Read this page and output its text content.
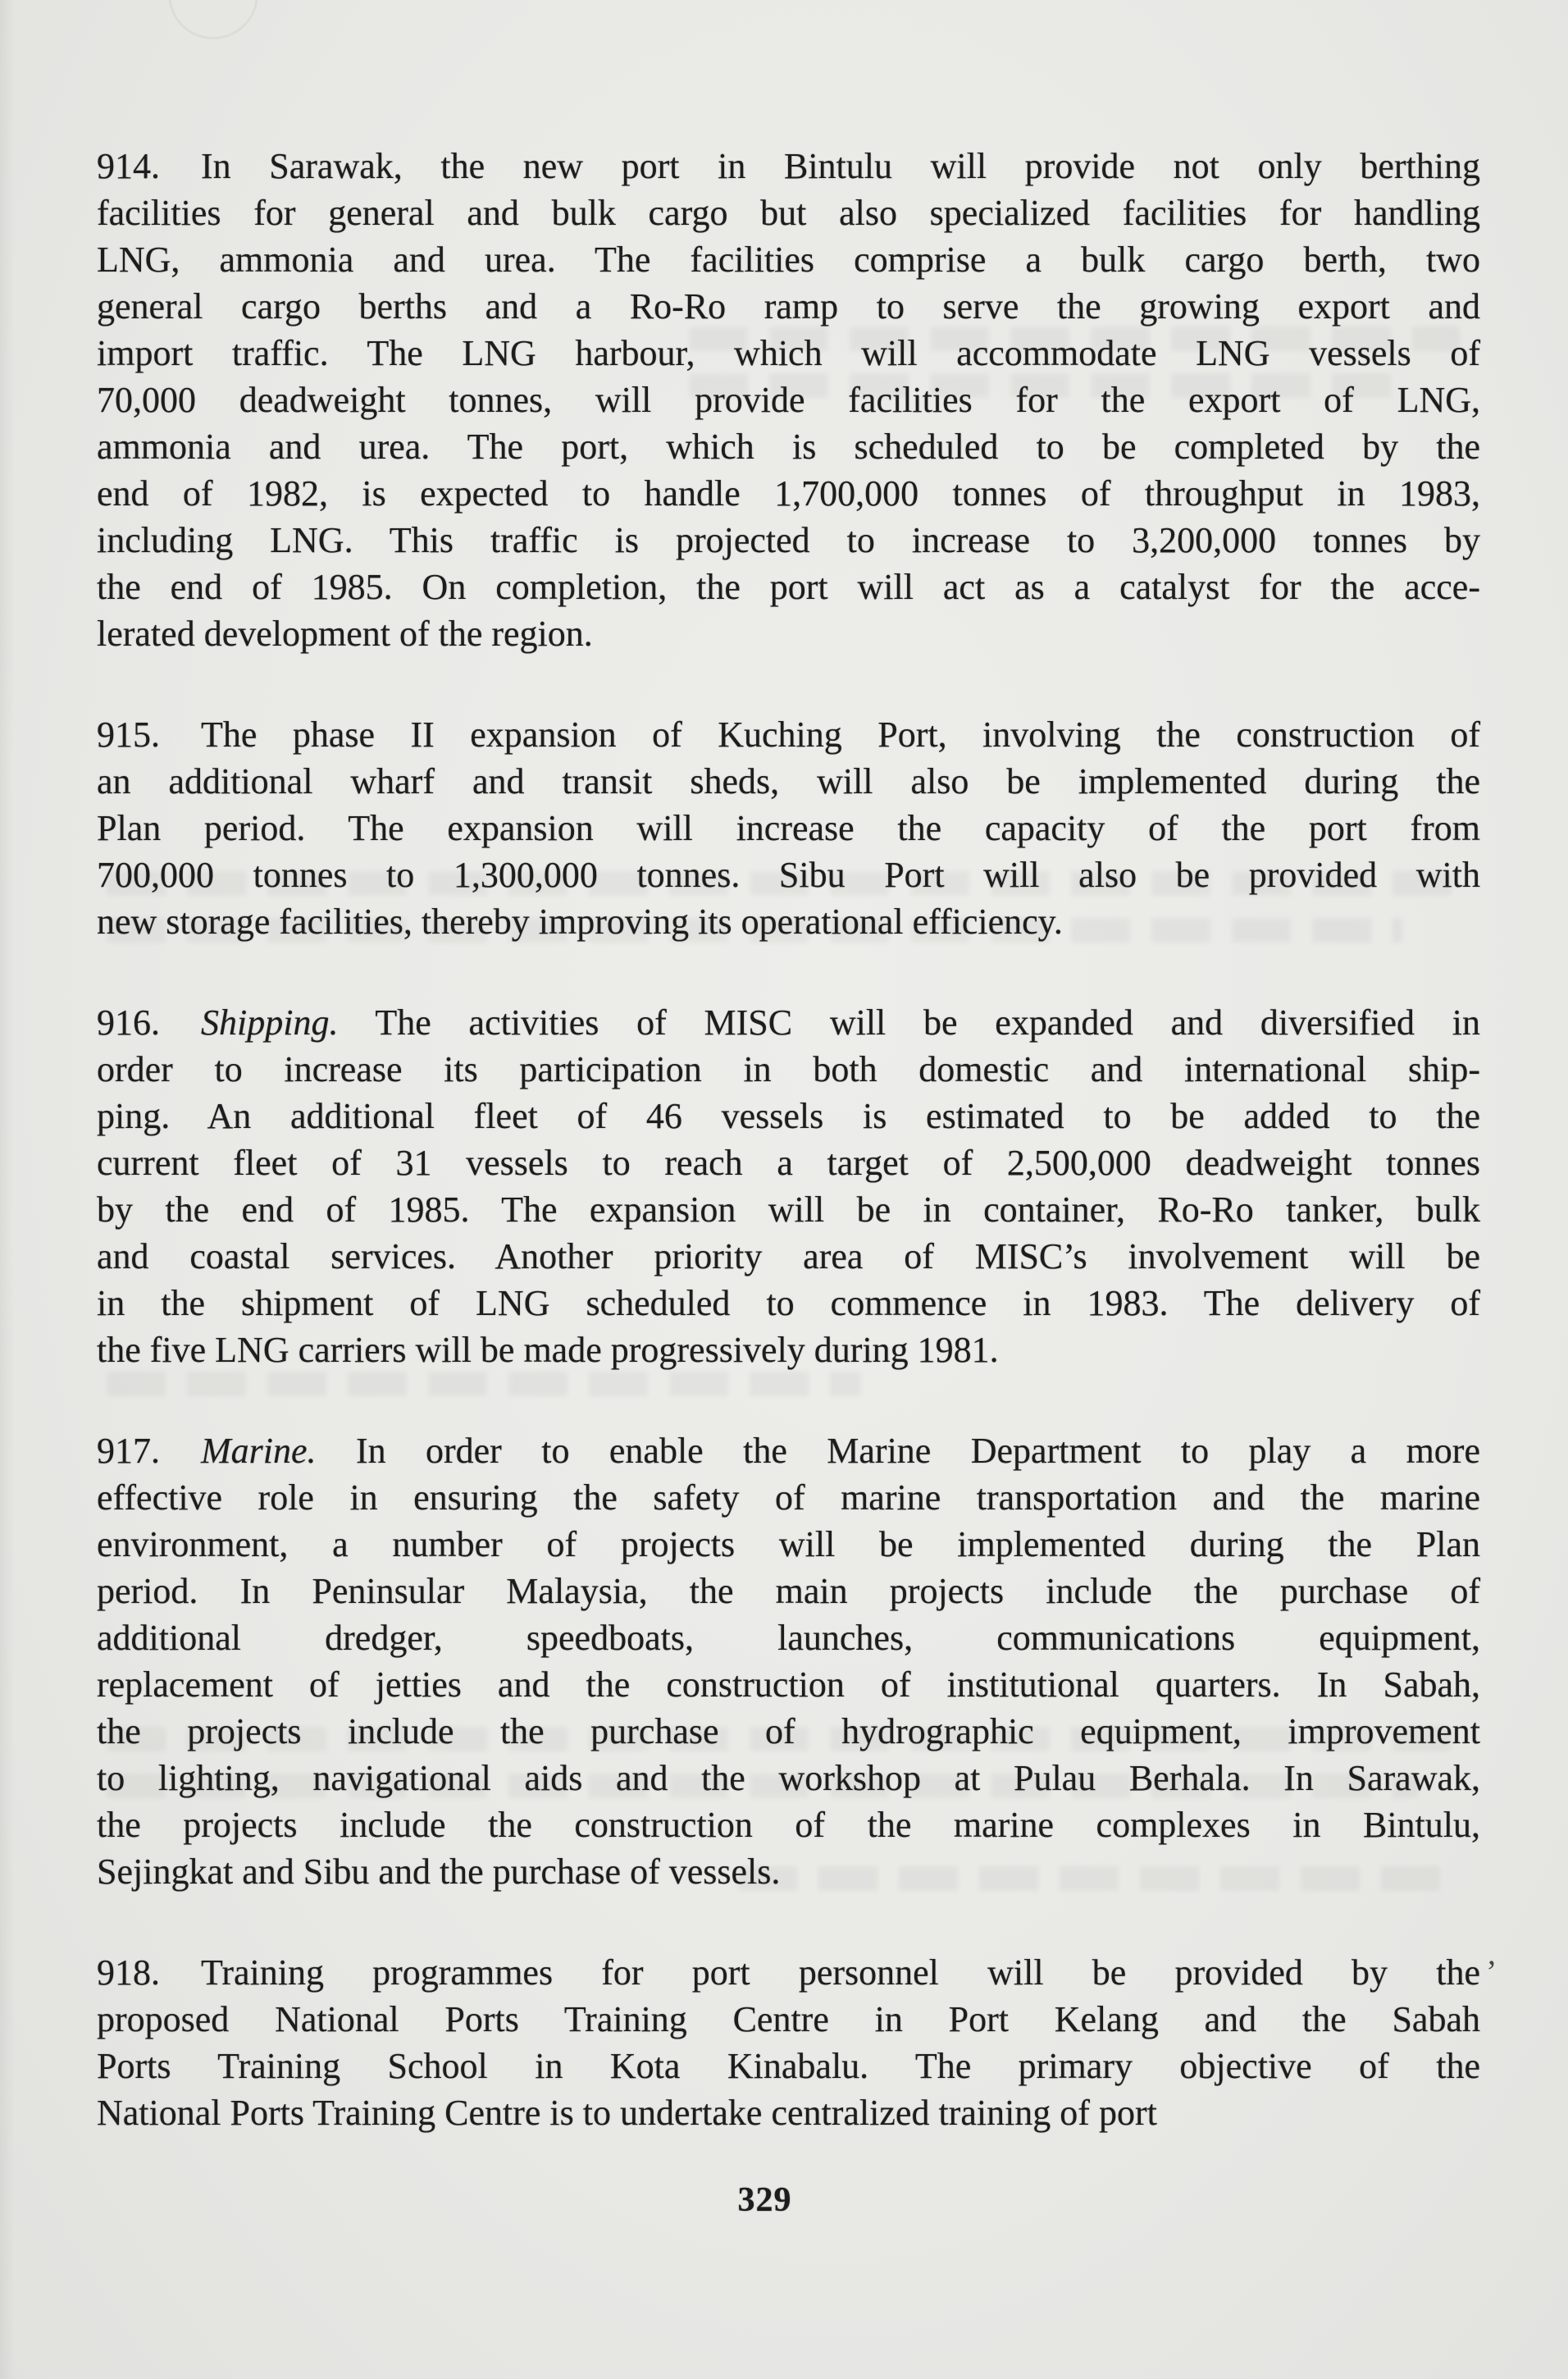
914. In Sarawak, the new port in Bintulu will provide not only berthing
facilities for general and bulk cargo but also specialized facilities for handling
LNG, ammonia and urea. The facilities comprise a bulk cargo berth, two
general cargo berths and a Ro-Ro ramp to serve the growing export and
import traffic. The LNG harbour, which will accommodate LNG vessels of
70,000 deadweight tonnes, will provide facilities for the export of LNG,
ammonia and urea. The port, which is scheduled to be completed by the
end of 1982, is expected to handle 1,700,000 tonnes of throughput in 1983,
including LNG. This traffic is projected to increase to 3,200,000 tonnes by
the end of 1985. On completion, the port will act as a catalyst for the acce-
lerated development of the region.
915. The phase II expansion of Kuching Port, involving the construction of
an additional wharf and transit sheds, will also be implemented during the
Plan period. The expansion will increase the capacity of the port from
700,000 tonnes to 1,300,000 tonnes. Sibu Port will also be provided with
new storage facilities, thereby improving its operational efficiency.
916. Shipping. The activities of MISC will be expanded and diversified in
order to increase its participation in both domestic and international ship-
ping. An additional fleet of 46 vessels is estimated to be added to the
current fleet of 31 vessels to reach a target of 2,500,000 deadweight tonnes
by the end of 1985. The expansion will be in container, Ro-Ro tanker, bulk
and coastal services. Another priority area of MISC’s involvement will be
in the shipment of LNG scheduled to commence in 1983. The delivery of
the five LNG carriers will be made progressively during 1981.
917. Marine. In order to enable the Marine Department to play a more
effective role in ensuring the safety of marine transportation and the marine
environment, a number of projects will be implemented during the Plan
period. In Peninsular Malaysia, the main projects include the purchase of
additional dredger, speedboats, launches, communications equipment,
replacement of jetties and the construction of institutional quarters. In Sabah,
the projects include the purchase of hydrographic equipment, improvement
to lighting, navigational aids and the workshop at Pulau Berhala. In Sarawak,
the projects include the construction of the marine complexes in Bintulu,
Sejingkat and Sibu and the purchase of vessels.
918. Training programmes for port personnel will be provided by the
proposed National Ports Training Centre in Port Kelang and the Sabah
Ports Training School in Kota Kinabalu. The primary objective of the
National Ports Training Centre is to undertake centralized training of port
’
329
